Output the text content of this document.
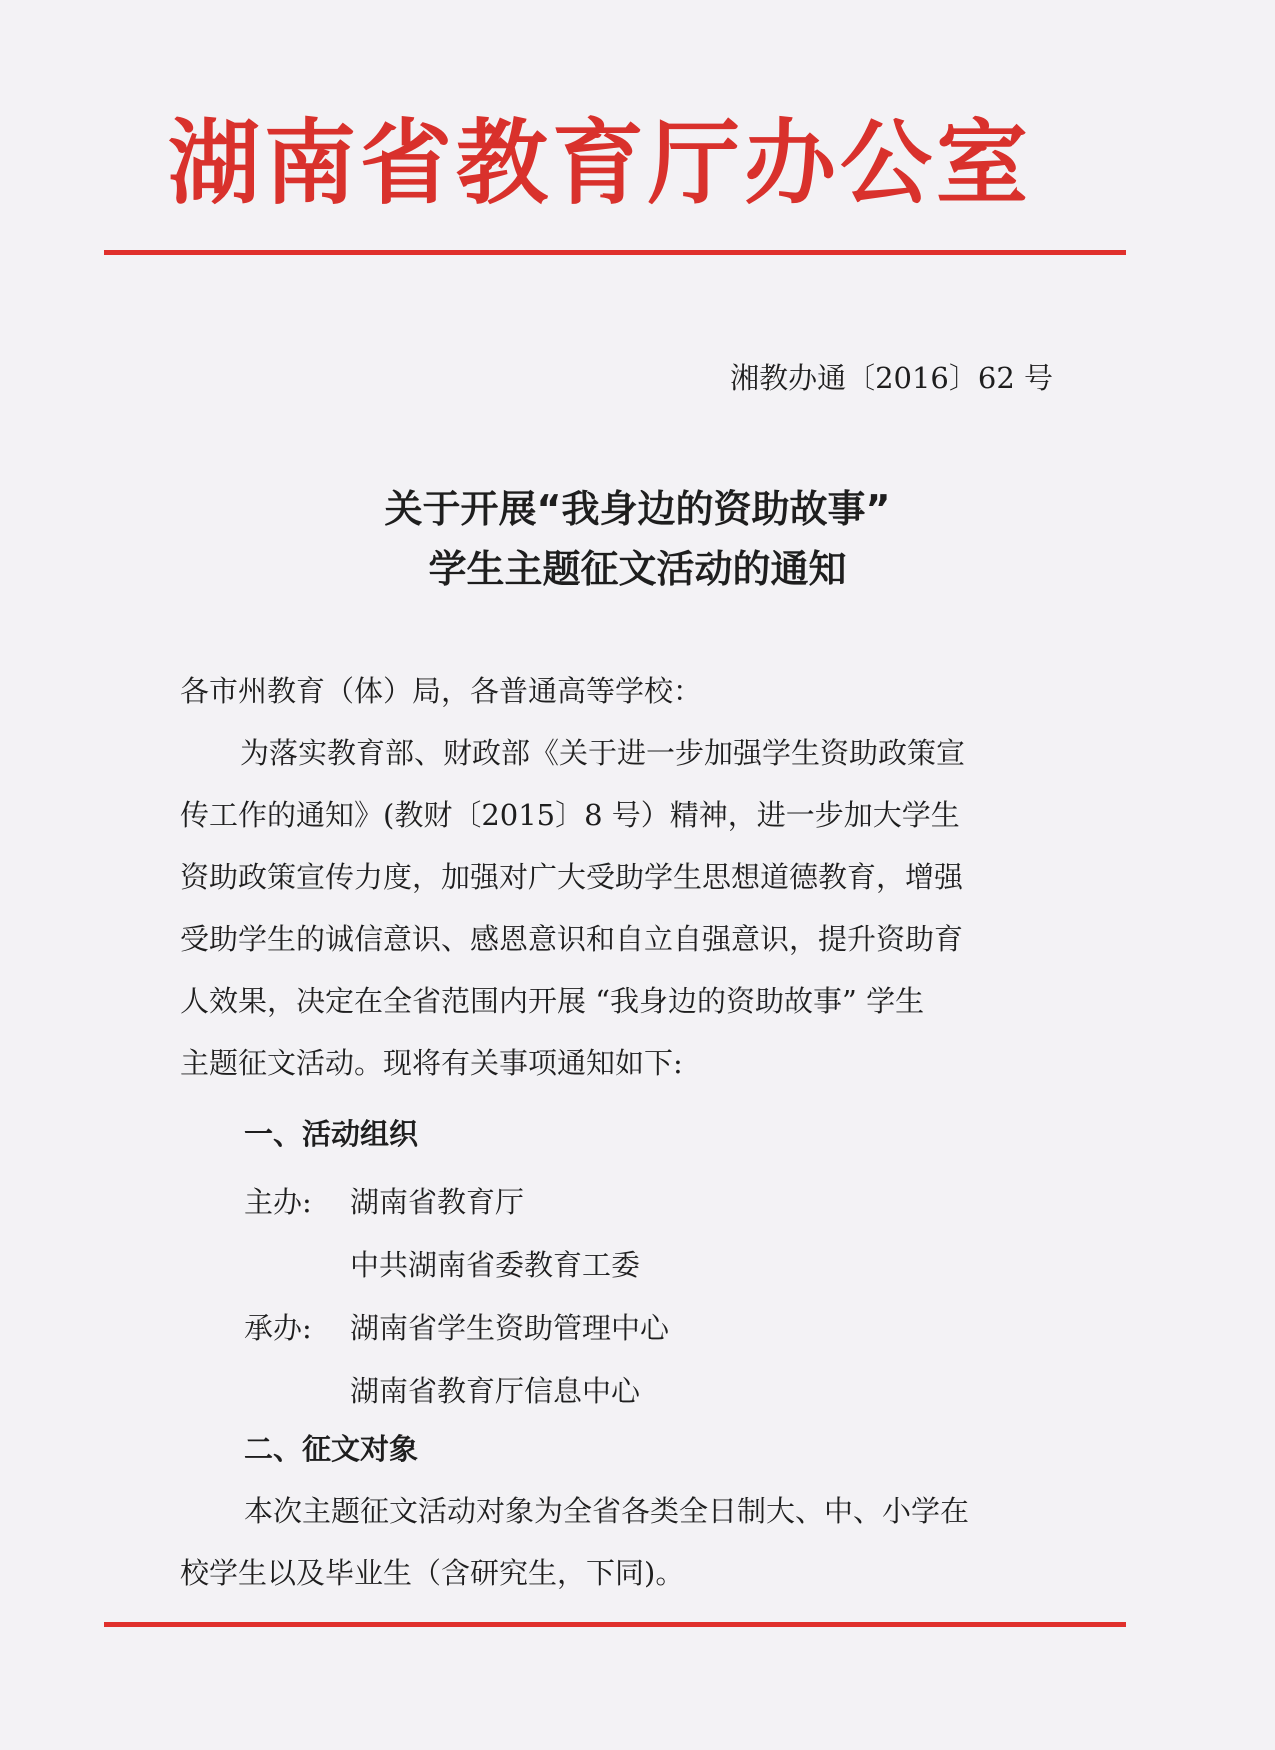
湖南省教育厅办公室
湘教办通〔2016〕62 号
关于开展“我身边的资助故事”
学生主题征文活动的通知
各市州教育（体）局，各普通高等学校：
为落实教育部、财政部《关于进一步加强学生资助政策宣
传工作的通知》(教财〔2015〕8 号）精神，进一步加大学生
资助政策宣传力度，加强对广大受助学生思想道德教育，增强
受助学生的诚信意识、感恩意识和自立自强意识，提升资助育
人效果，决定在全省范围内开展 “我身边的资助故事” 学生
主题征文活动。现将有关事项通知如下:
一、活动组织
主办: 湖南省教育厅
中共湖南省委教育工委
承办: 湖南省学生资助管理中心
湖南省教育厅信息中心
二、征文对象
本次主题征文活动对象为全省各类全日制大、中、小学在
校学生以及毕业生（含研究生，下同)。
